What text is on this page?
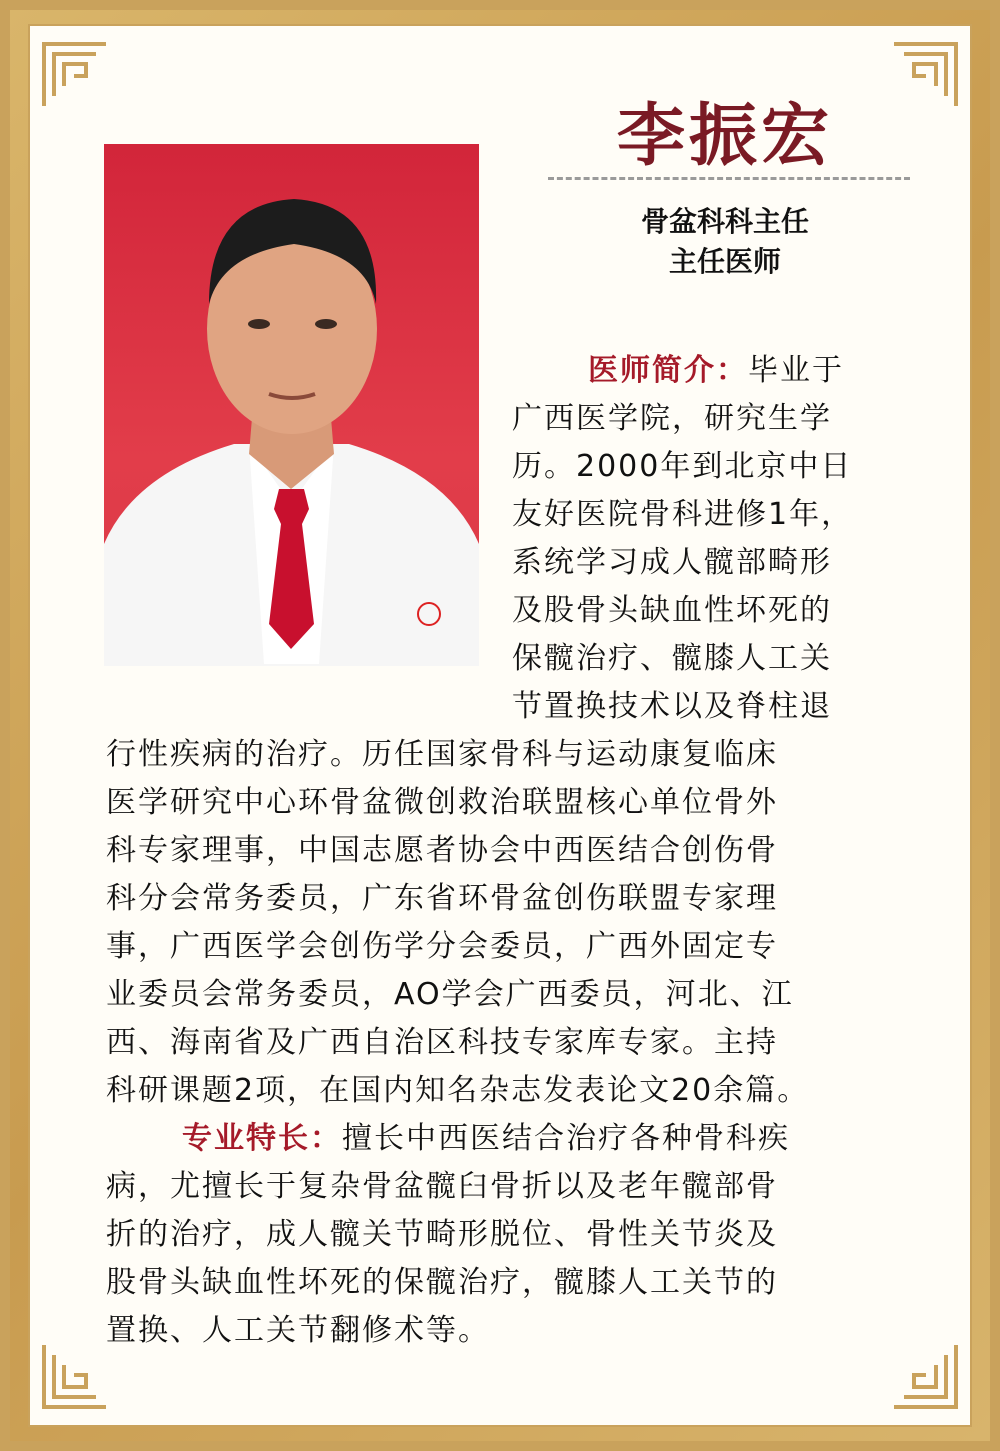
李振宏
骨盆科科主任
主任医师
医师简介：毕业于
广西医学院，研究生学
历。2000年到北京中日
友好医院骨科进修1年，
系统学习成人髋部畸形
及股骨头缺血性坏死的
保髋治疗、髋膝人工关
节置换技术以及脊柱退
行性疾病的治疗。历任国家骨科与运动康复临床
医学研究中心环骨盆微创救治联盟核心单位骨外
科专家理事，中国志愿者协会中西医结合创伤骨
科分会常务委员，广东省环骨盆创伤联盟专家理
事，广西医学会创伤学分会委员，广西外固定专
业委员会常务委员，AO学会广西委员，河北、江
西、海南省及广西自治区科技专家库专家。主持
科研课题2项，在国内知名杂志发表论文20余篇。
专业特长：擅长中西医结合治疗各种骨科疾
病，尤擅长于复杂骨盆髋臼骨折以及老年髋部骨
折的治疗，成人髋关节畸形脱位、骨性关节炎及
股骨头缺血性坏死的保髋治疗，髋膝人工关节的
置换、人工关节翻修术等。
